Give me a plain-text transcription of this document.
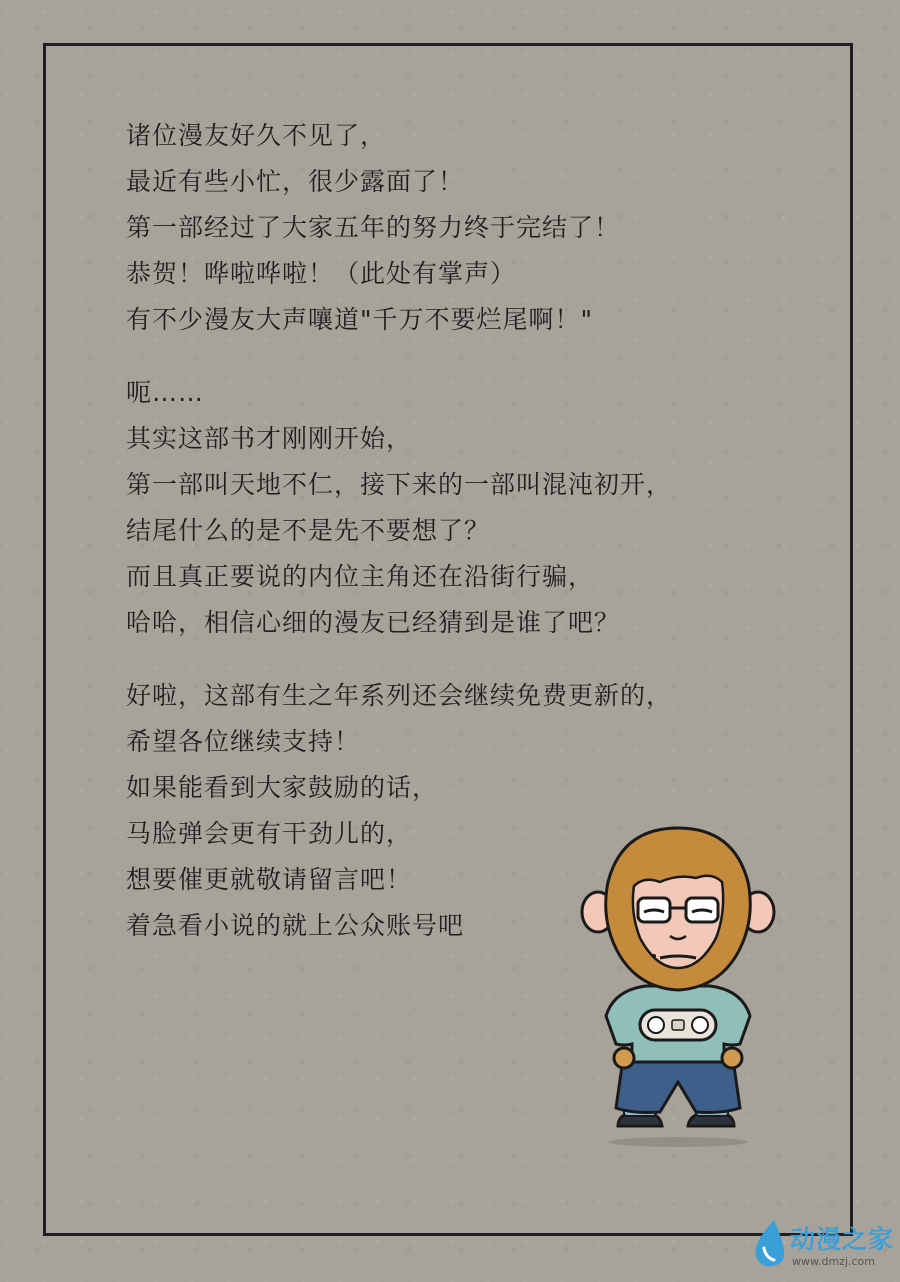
诸位漫友好久不见了，
最近有些小忙，很少露面了！
第一部经过了大家五年的努力终于完结了！
恭贺！哗啦哗啦！（此处有掌声）
有不少漫友大声嚷道"千万不要烂尾啊！"
呃……
其实这部书才刚刚开始，
第一部叫天地不仁，接下来的一部叫混沌初开，
结尾什么的是不是先不要想了？
而且真正要说的内位主角还在沿街行骗，
哈哈，相信心细的漫友已经猜到是谁了吧？
好啦，这部有生之年系列还会继续免费更新的，
希望各位继续支持！
如果能看到大家鼓励的话，
马脸弹会更有干劲儿的，
想要催更就敬请留言吧！
着急看小说的就上公众账号吧
动漫之家
www.dmzj.com
